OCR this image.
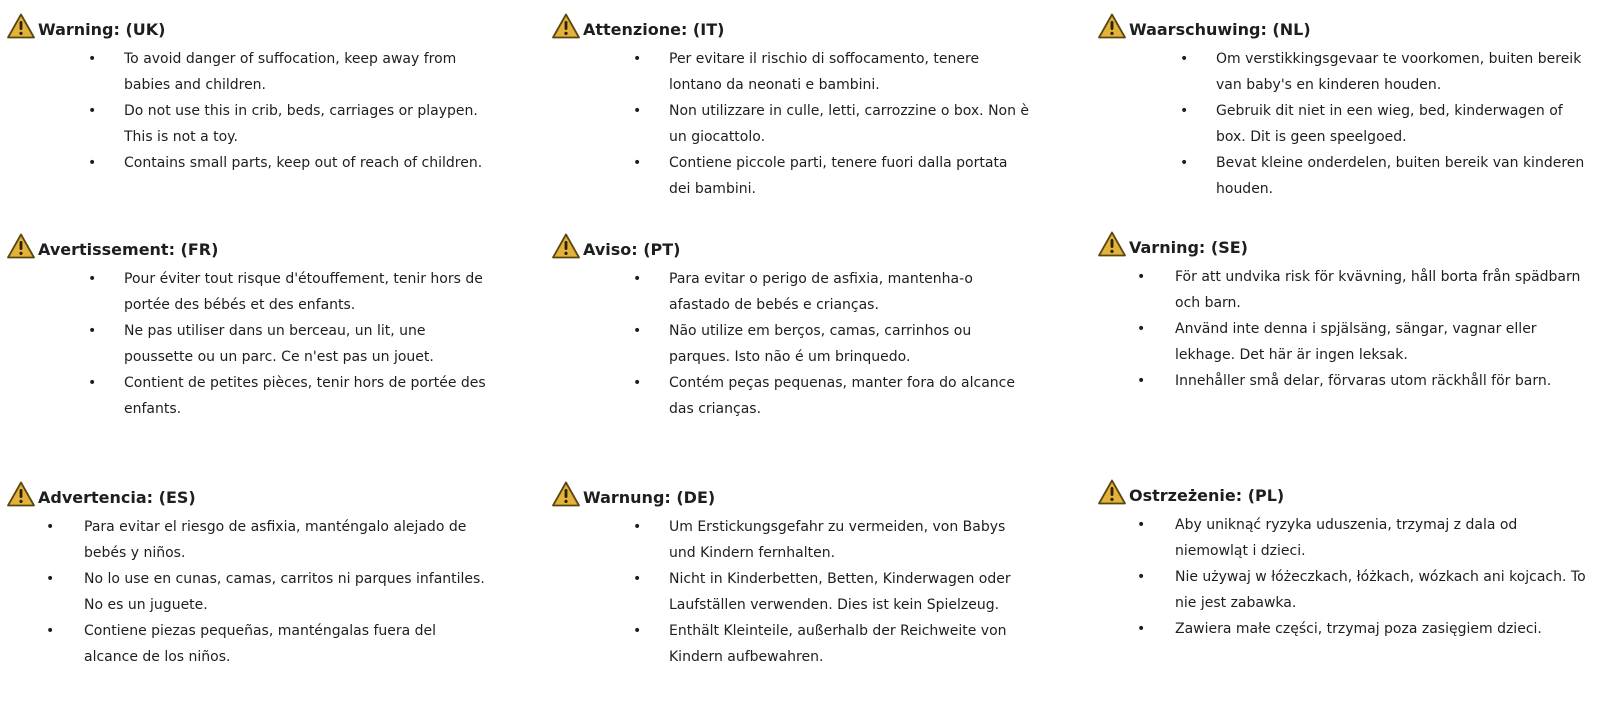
Warning: (UK)
• To avoid danger of suffocation, keep away from babies and children.
• Do not use this in crib, beds, carriages or playpen. This is not a toy.
• Contains small parts, keep out of reach of children.
Attenzione: (IT)
• Per evitare il rischio di soffocamento, tenere lontano da neonati e bambini.
• Non utilizzare in culle, letti, carrozzine o box. Non è un giocattolo.
• Contiene piccole parti, tenere fuori dalla portata dei bambini.
Waarschuwing: (NL)
• Om verstikkingsgevaar te voorkomen, buiten bereik van baby's en kinderen houden.
• Gebruik dit niet in een wieg, bed, kinderwagen of box. Dit is geen speelgoed.
• Bevat kleine onderdelen, buiten bereik van kinderen houden.
Avertissement: (FR)
• Pour éviter tout risque d'étouffement, tenir hors de portée des bébés et des enfants.
• Ne pas utiliser dans un berceau, un lit, une poussette ou un parc. Ce n'est pas un jouet.
• Contient de petites pièces, tenir hors de portée des enfants.
Aviso: (PT)
• Para evitar o perigo de asfixia, mantenha-o afastado de bebés e crianças.
• Não utilize em berços, camas, carrinhos ou parques. Isto não é um brinquedo.
• Contém peças pequenas, manter fora do alcance das crianças.
Varning: (SE)
• För att undvika risk för kvävning, håll borta från spädbarn och barn.
• Använd inte denna i spjälsäng, sängar, vagnar eller lekhage. Det här är ingen leksak.
• Innehåller små delar, förvaras utom räckhåll för barn.
Advertencia: (ES)
• Para evitar el riesgo de asfixia, manténgalo alejado de bebés y niños.
• No lo use en cunas, camas, carritos ni parques infantiles. No es un juguete.
• Contiene piezas pequeñas, manténgalas fuera del alcance de los niños.
Warnung: (DE)
• Um Erstickungsgefahr zu vermeiden, von Babys und Kindern fernhalten.
• Nicht in Kinderbetten, Betten, Kinderwagen oder Laufställen verwenden. Dies ist kein Spielzeug.
• Enthält Kleinteile, außerhalb der Reichweite von Kindern aufbewahren.
Ostrzeżenie: (PL)
• Aby uniknąć ryzyka uduszenia, trzymaj z dala od niemowląt i dzieci.
• Nie używaj w łóżeczkach, łóżkach, wózkach ani kojcach. To nie jest zabawka.
• Zawiera małe części, trzymaj poza zasięgiem dzieci.
